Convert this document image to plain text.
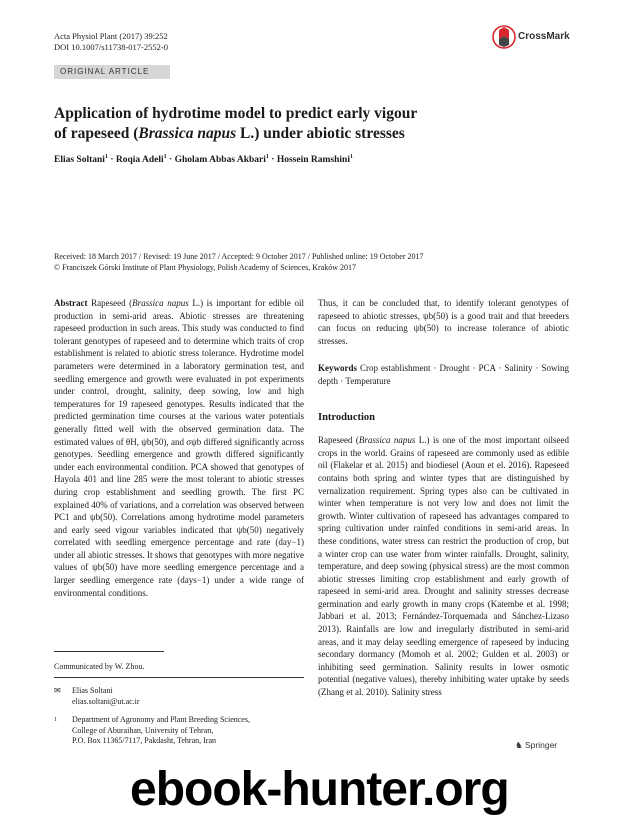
Acta Physiol Plant (2017) 39:252
DOI 10.1007/s11738-017-2552-0
CrossMark
ORIGINAL ARTICLE
Application of hydrotime model to predict early vigour
of rapeseed (Brassica napus L.) under abiotic stresses
Elias Soltani$^1$ · Roqia Adeli$^1$ · Gholam Abbas Akbari$^1$ · Hossein Ramshini$^1$
Received: 18 March 2017 / Revised: 19 June 2017 / Accepted: 9 October 2017 / Published online: 19 October 2017
© Franciszek Górski Institute of Plant Physiology, Polish Academy of Sciences, Kraków 2017

Abstract Rapeseed (Brassica napus L.) is important for edible oil production in semi-arid areas. Abiotic stresses are threatening rapeseed production in such areas. This study was conducted to find tolerant genotypes of rapeseed and to determine which traits of crop establishment is related to abiotic stress tolerance. Hydrotime model parameters were determined in a laboratory germination test, and seedling emergence and growth were evaluated in pot experiments under control, drought, salinity, deep sowing, low and high temperatures for 19 rapeseed genotypes. Results indicated that the predicted germination time courses at the various water potentials generally fitted well with the observed germination data. The estimated values of θH, ψb(50), and σψb differed significantly across genotypes. Seedling emergence and growth differed significantly under each environmental condition. PCA showed that genotypes of Hayola 401 and line 285 were the most tolerant to abiotic stresses during crop establishment and seedling growth. The first PC explained 40% of variations, and a correlation was observed between PC1 and ψb(50). Correlations among hydrotime model parameters and early seed vigour variables indicated that ψb(50) negatively correlated with seedling emergence percentage and rate (day−1) under all abiotic stresses. It shows that genotypes with more negative values of ψb(50) have more seedling emergence percentage and a larger seedling emergence rate (days−1) under a wide range of environmental conditions.

Thus, it can be concluded that, to identify tolerant genotypes of rapeseed to abiotic stresses, ψb(50) is a good trait and that breeders can focus on reducing ψb(50) to increase tolerance of abiotic stresses.

Keywords Crop establishment · Drought · PCA · Salinity · Sowing depth · Temperature

Introduction

Rapeseed (Brassica napus L.) is one of the most important oilseed crops in the world. Grains of rapeseed are commonly used as edible oil (Flakelar et al. 2015) and biodiesel (Aoun et el. 2016). Rapeseed contains both spring and winter types that are distinguished by vernalization requirement. Spring types also can be cultivated in winter when temperature is not very low and does not limit the growth. Winter cultivation of rapeseed has advantages compared to spring cultivation under rainfed conditions in semi-arid areas. In these conditions, water stress can restrict the production of crop, but a winter crop can use water from winter rainfalls. Drought, salinity, temperature, and deep sowing (physical stress) are the most common abiotic stresses limiting crop establishment and early growth of rapeseed in semi-arid area. Drought and salinity stresses decrease germination and early growth in many crops (Katembe et al. 1998; Jabbari et al. 2013; Fernández-Torquemada and Sánchez-Lizaso 2013). Rainfalls are low and irregularly distributed in semi-arid areas, and it may delay seedling emergence of rapeseed by inducing secondary dormancy (Momoh et al. 2002; Gulden et al. 2003) or inhibiting seed germination. Salinity results in lower osmotic potential (negative values), thereby inhibiting water uptake by seeds (Zhang et al. 2010). Salinity stress

Communicated by W. Zhou.
✉ Elias Soltani
elias.soltani@ut.ac.ir
1 Department of Agronomy and Plant Breeding Sciences,
College of Aburaihan, University of Tehran,
P.O. Box 11365/7117, Pakdasht, Tehran, Iran	♞ Springer
ebook-hunter.org
